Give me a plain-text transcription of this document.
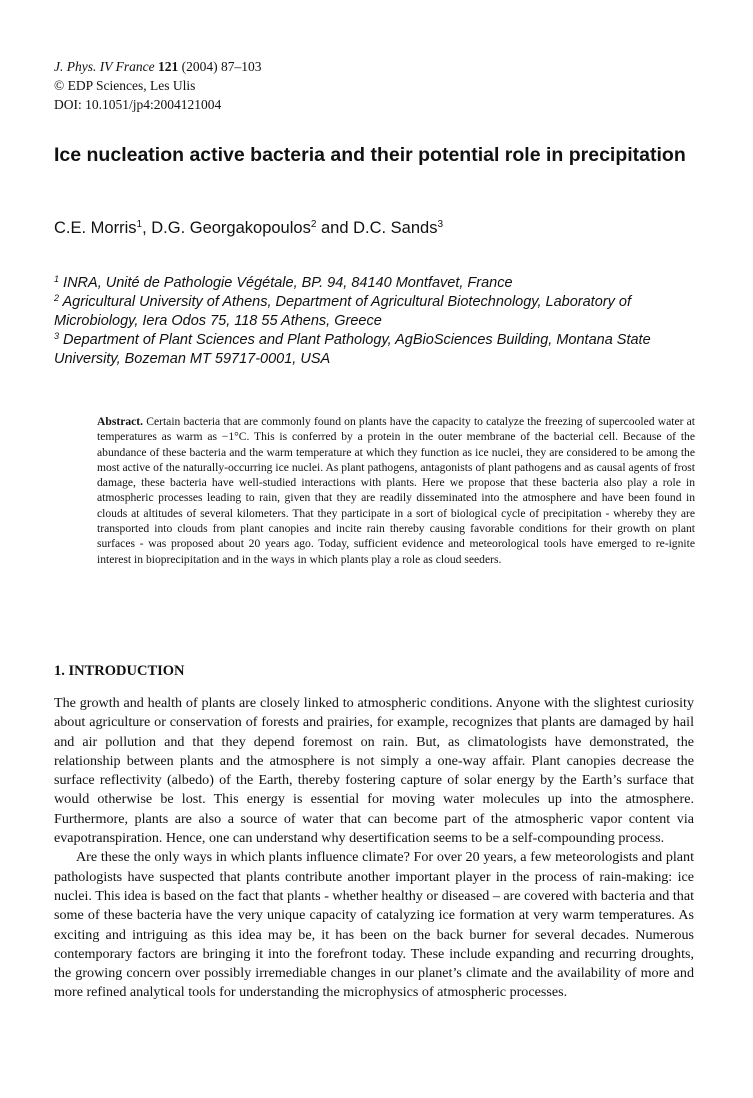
J. Phys. IV France 121 (2004) 87–103
© EDP Sciences, Les Ulis
DOI: 10.1051/jp4:2004121004
Ice nucleation active bacteria and their potential role in precipitation

C.E. Morris$^1$, D.G. Georgakopoulos$^2$ and D.C. Sands$^3$

$^1$ INRA, Unité de Pathologie Végétale, BP. 94, 84140 Montfavet, France

$^2$ Agricultural University of Athens, Department of Agricultural Biotechnology, Laboratory of Microbiology, Iera Odos 75, 118 55 Athens, Greece

$^3$ Department of Plant Sciences and Plant Pathology, AgBioSciences Building, Montana State University, Bozeman MT 59717-0001, USA

Abstract. Certain bacteria that are commonly found on plants have the capacity to catalyze the freezing of supercooled water at temperatures as warm as −1°C. This is conferred by a protein in the outer membrane of the bacterial cell. Because of the abundance of these bacteria and the warm temperature at which they function as ice nuclei, they are considered to be among the most active of the naturally-occurring ice nuclei. As plant pathogens, antagonists of plant pathogens and as causal agents of frost damage, these bacteria have well-studied interactions with plants. Here we propose that these bacteria also play a role in atmospheric processes leading to rain, given that they are readily disseminated into the atmosphere and have been found in clouds at altitudes of several kilometers. That they participate in a sort of biological cycle of precipitation - whereby they are transported into clouds from plant canopies and incite rain thereby causing favorable conditions for their growth on plant surfaces - was proposed about 20 years ago. Today, sufficient evidence and meteorological tools have emerged to re-ignite interest in bioprecipitation and in the ways in which plants play a role as cloud seeders.

1. INTRODUCTION

The growth and health of plants are closely linked to atmospheric conditions. Anyone with the slightest curiosity about agriculture or conservation of forests and prairies, for example, recognizes that plants are damaged by hail and air pollution and that they depend foremost on rain. But, as climatologists have demonstrated, the relationship between plants and the atmosphere is not simply a one-way affair. Plant canopies decrease the surface reflectivity (albedo) of the Earth, thereby fostering capture of solar energy by the Earth’s surface that would otherwise be lost. This energy is essential for moving water molecules up into the atmosphere. Furthermore, plants are also a source of water that can become part of the atmospheric vapor content via evapotranspiration. Hence, one can understand why desertification seems to be a self-compounding process.

Are these the only ways in which plants influence climate? For over 20 years, a few meteorologists and plant pathologists have suspected that plants contribute another important player in the process of rain-making: ice nuclei. This idea is based on the fact that plants - whether healthy or diseased – are covered with bacteria and that some of these bacteria have the very unique capacity of catalyzing ice formation at very warm temperatures. As exciting and intriguing as this idea may be, it has been on the back burner for several decades. Numerous contemporary factors are bringing it into the forefront today. These include expanding and recurring droughts, the growing concern over possibly irremediable changes in our planet’s climate and the availability of more and more refined analytical tools for understanding the microphysics of atmospheric processes.
